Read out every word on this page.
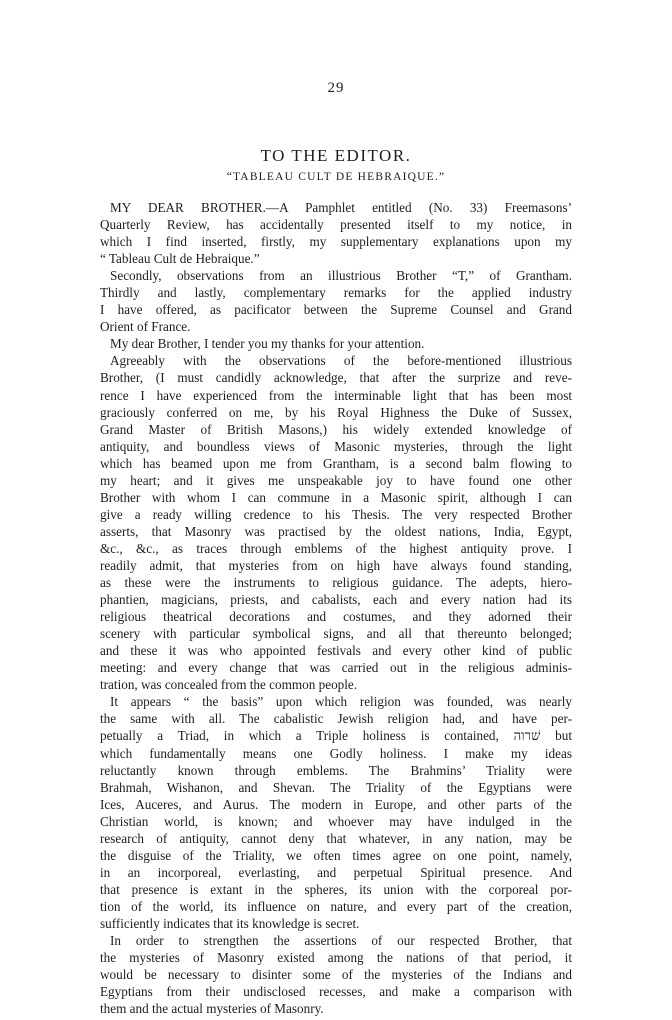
29
TO THE EDITOR.
“TABLEAU CULT DE HEBRAIQUE.”
MY DEAR BROTHER.—A Pamphlet entitled (No. 33) Freemasons’
Quarterly Review, has accidentally presented itself to my notice, in
which I find inserted, firstly, my supplementary explanations upon my
“ Tableau Cult de Hebraique.”
Secondly, observations from an illustrious Brother “T,” of Grantham.
Thirdly and lastly, complementary remarks for the applied industry
I have offered, as pacificator between the Supreme Counsel and Grand
Orient of France.
My dear Brother, I tender you my thanks for your attention.
Agreeably with the observations of the before-mentioned illustrious
Brother, (I must candidly acknowledge, that after the surprize and reve-
rence I have experienced from the interminable light that has been most
graciously conferred on me, by his Royal Highness the Duke of Sussex,
Grand Master of British Masons,) his widely extended knowledge of
antiquity, and boundless views of Masonic mysteries, through the light
which has beamed upon me from Grantham, is a second balm flowing to
my heart; and it gives me unspeakable joy to have found one other
Brother with whom I can commune in a Masonic spirit, although I can
give a ready willing credence to his Thesis. The very respected Brother
asserts, that Masonry was practised by the oldest nations, India, Egypt,
&c., &c., as traces through emblems of the highest antiquity prove. I
readily admit, that mysteries from on high have always found standing,
as these were the instruments to religious guidance. The adepts, hiero-
phantien, magicians, priests, and cabalists, each and every nation had its
religious theatrical decorations and costumes, and they adorned their
scenery with particular symbolical signs, and all that thereunto belonged;
and these it was who appointed festivals and every other kind of public
meeting: and every change that was carried out in the religious adminis-
tration, was concealed from the common people.
It appears “ the basis” upon which religion was founded, was nearly
the same with all. The cabalistic Jewish religion had, and have per-
petually a Triad, in which a Triple holiness is contained, ‏שׁרוה‎ but
which fundamentally means one Godly holiness. I make my ideas
reluctantly known through emblems. The Brahmins’ Triality were
Brahmah, Wishanon, and Shevan. The Triality of the Egyptians were
Ices, Auceres, and Aurus. The modern in Europe, and other parts of the
Christian world, is known; and whoever may have indulged in the
research of antiquity, cannot deny that whatever, in any nation, may be
the disguise of the Triality, we often times agree on one point, namely,
in an incorporeal, everlasting, and perpetual Spiritual presence. And
that presence is extant in the spheres, its union with the corporeal por-
tion of the world, its influence on nature, and every part of the creation,
sufficiently indicates that its knowledge is secret.
In order to strengthen the assertions of our respected Brother, that
the mysteries of Masonry existed among the nations of that period, it
would be necessary to disinter some of the mysteries of the Indians and
Egyptians from their undisclosed recesses, and make a comparison with
them and the actual mysteries of Masonry.
